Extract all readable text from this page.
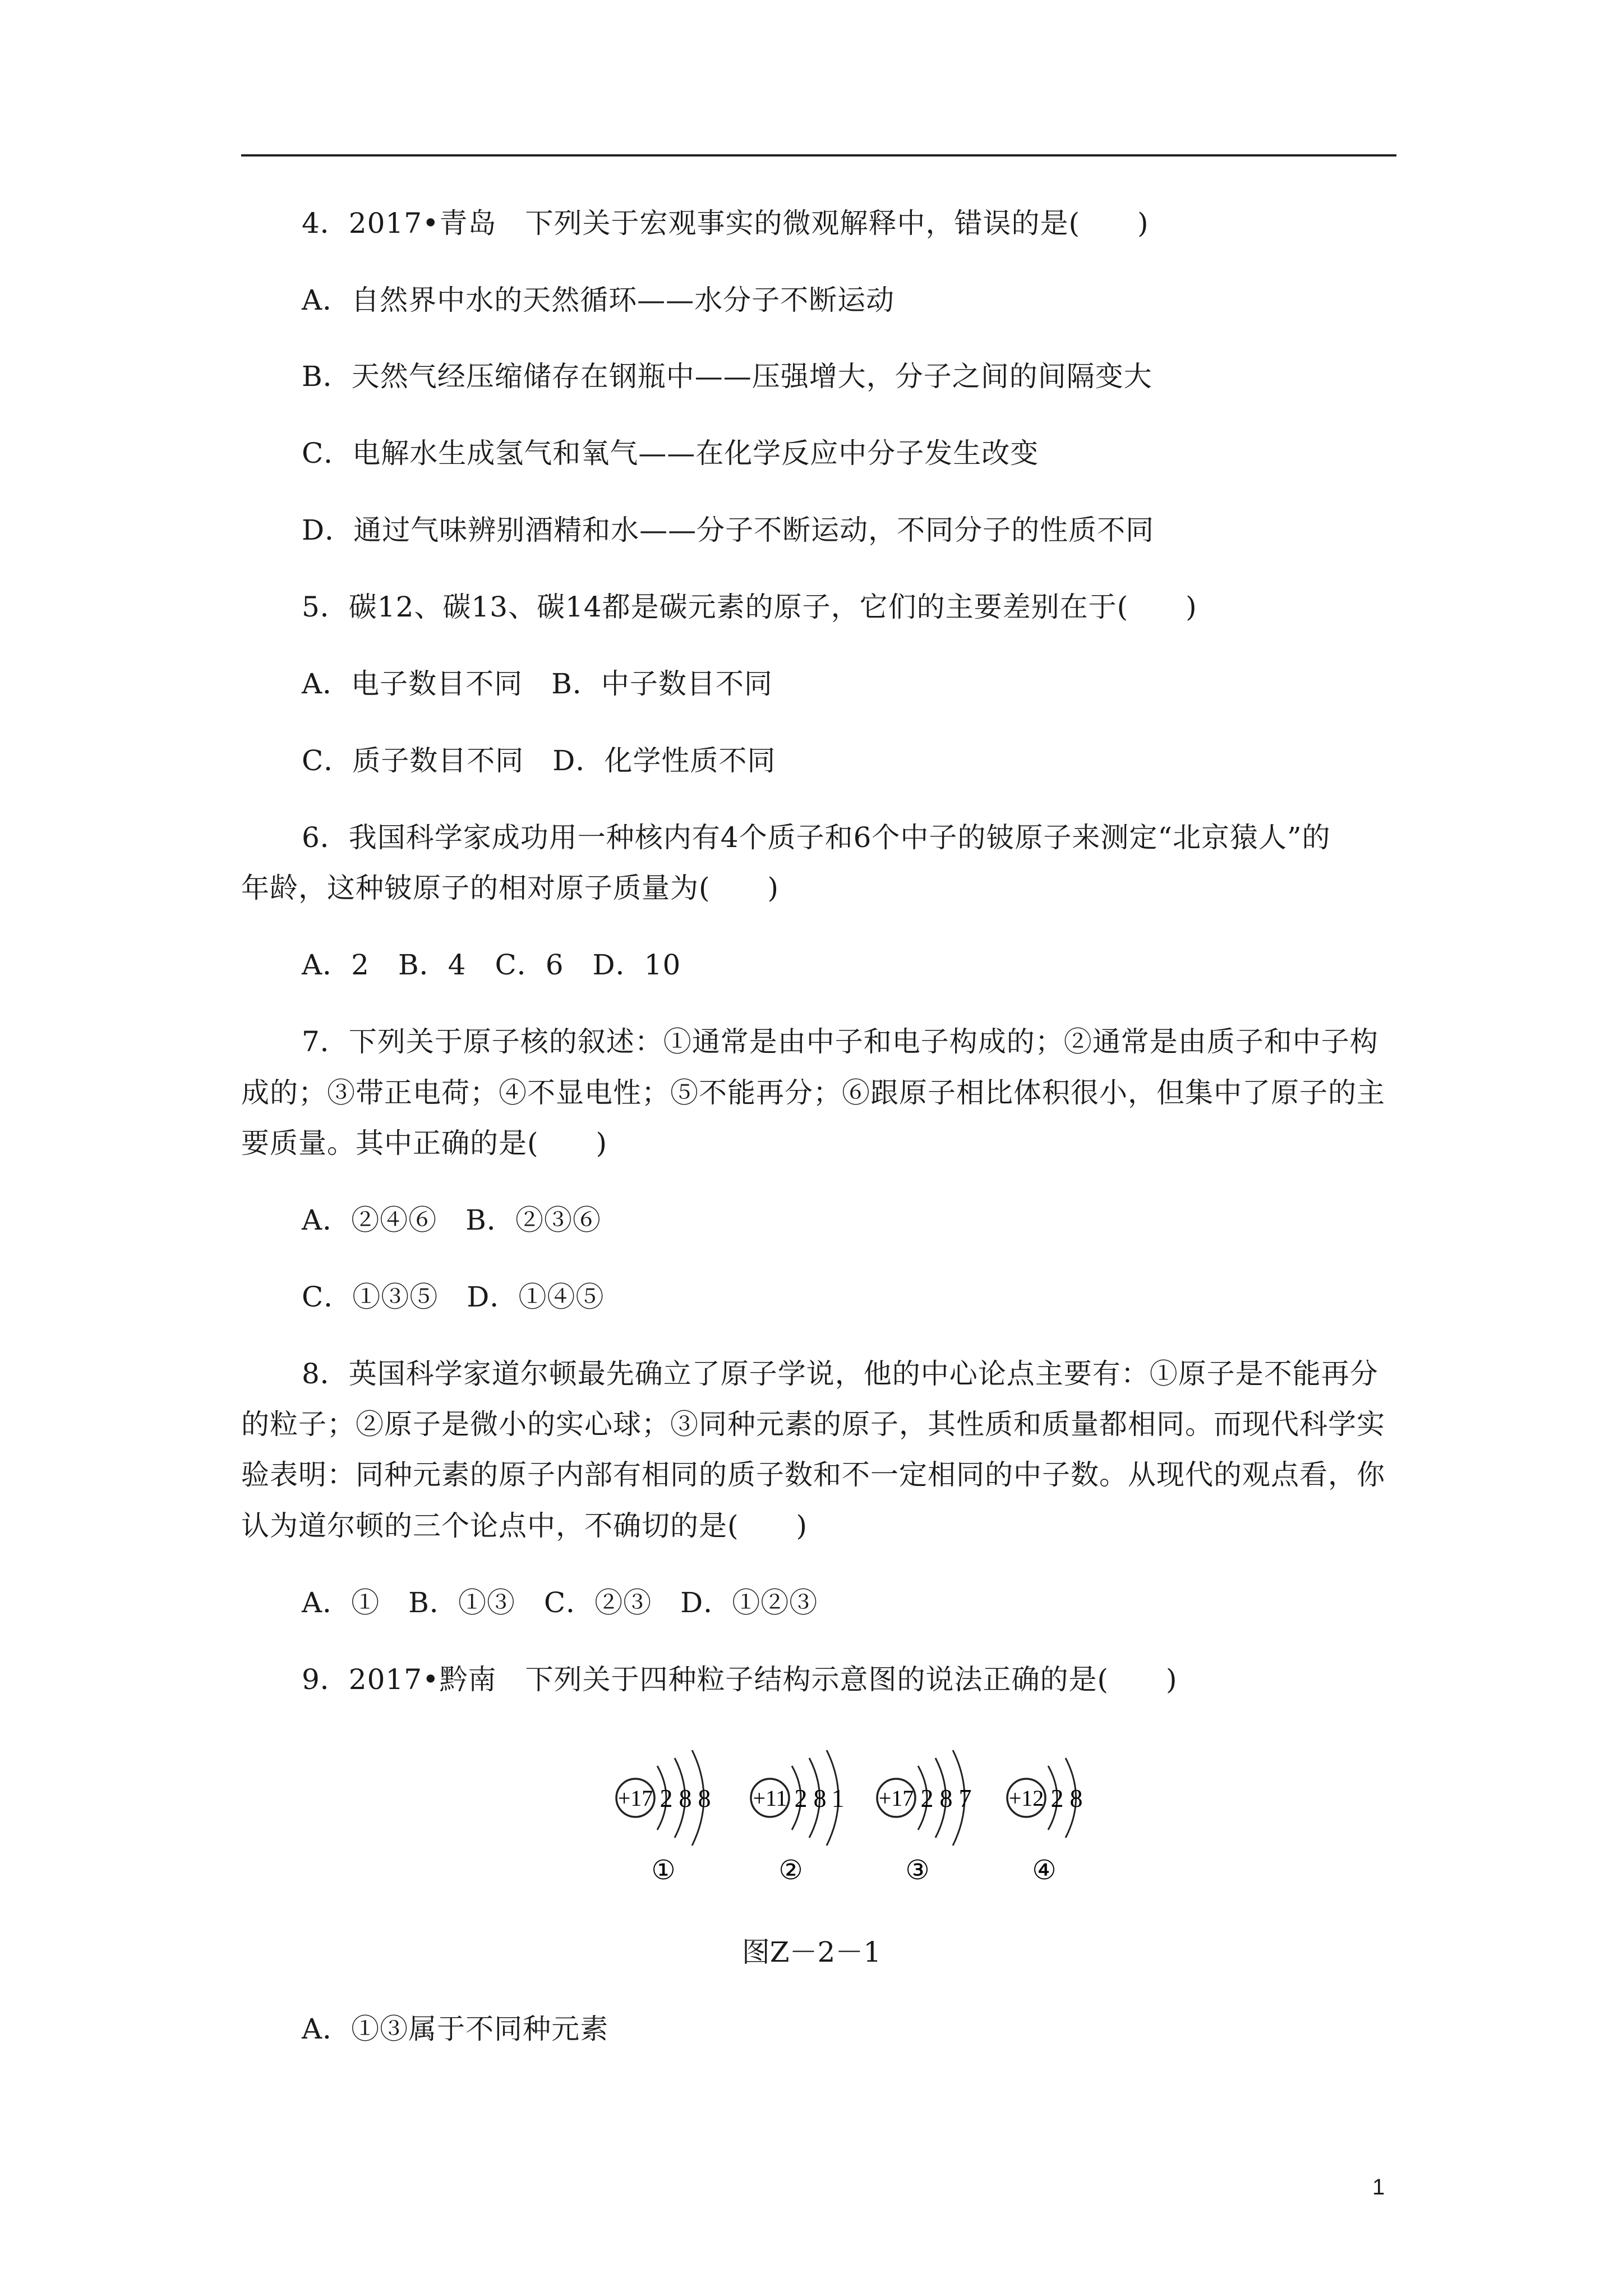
4．2017•青岛　下列关于宏观事实的微观解释中，错误的是(　　)
A．自然界中水的天然循环——水分子不断运动
B．天然气经压缩储存在钢瓶中——压强增大，分子之间的间隔变大
C．电解水生成氢气和氧气——在化学反应中分子发生改变
D．通过气味辨别酒精和水——分子不断运动，不同分子的性质不同
5．碳12、碳13、碳14都是碳元素的原子，它们的主要差别在于(　　)
A．电子数目不同　B．中子数目不同
C．质子数目不同　D．化学性质不同
6．我国科学家成功用一种核内有4个质子和6个中子的铍原子来测定“北京猿人”的
年龄，这种铍原子的相对原子质量为(　　)
A．2　B．4　C．6　D．10
7．下列关于原子核的叙述：①通常是由中子和电子构成的；②通常是由质子和中子构
成的；③带正电荷；④不显电性；⑤不能再分；⑥跟原子相比体积很小，但集中了原子的主
要质量。其中正确的是(　　)
A．②④⑥　B．②③⑥
C．①③⑤　D．①④⑤
8．英国科学家道尔顿最先确立了原子学说，他的中心论点主要有：①原子是不能再分
的粒子；②原子是微小的实心球；③同种元素的原子，其性质和质量都相同。而现代科学实
验表明：同种元素的原子内部有相同的质子数和不一定相同的中子数。从现代的观点看，你
认为道尔顿的三个论点中，不确切的是(　　)
A．①　B．①③　C．②③　D．①②③
9．2017•黔南　下列关于四种粒子结构示意图的说法正确的是(　　)
+17 2 8 8
①
+11 2 8 1
②
+17 2 8 7
③
+12 2 8
④
图Z－2－1
A．①③属于不同种元素
1
